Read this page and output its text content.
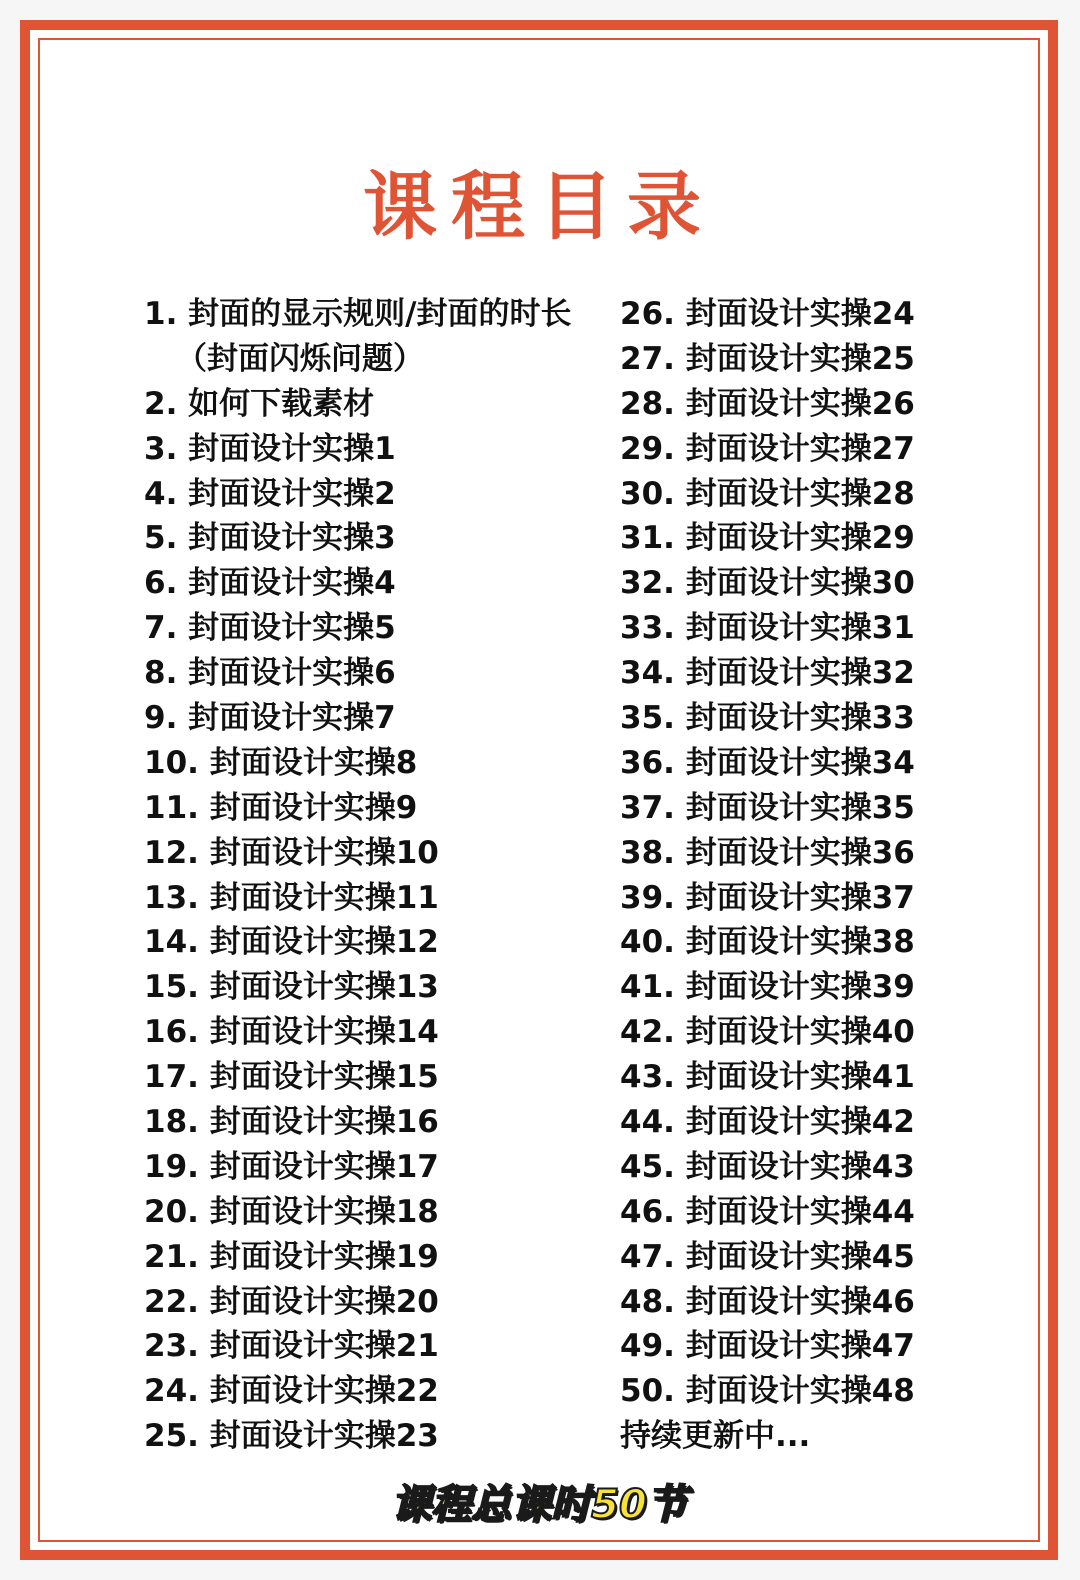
课程目录
1. 封面的显示规则/封面的时长
（封面闪烁问题）
2. 如何下载素材
3. 封面设计实操1
4. 封面设计实操2
5. 封面设计实操3
6. 封面设计实操4
7. 封面设计实操5
8. 封面设计实操6
9. 封面设计实操7
10. 封面设计实操8
11. 封面设计实操9
12. 封面设计实操10
13. 封面设计实操11
14. 封面设计实操12
15. 封面设计实操13
16. 封面设计实操14
17. 封面设计实操15
18. 封面设计实操16
19. 封面设计实操17
20. 封面设计实操18
21. 封面设计实操19
22. 封面设计实操20
23. 封面设计实操21
24. 封面设计实操22
25. 封面设计实操23
26. 封面设计实操24
27. 封面设计实操25
28. 封面设计实操26
29. 封面设计实操27
30. 封面设计实操28
31. 封面设计实操29
32. 封面设计实操30
33. 封面设计实操31
34. 封面设计实操32
35. 封面设计实操33
36. 封面设计实操34
37. 封面设计实操35
38. 封面设计实操36
39. 封面设计实操37
40. 封面设计实操38
41. 封面设计实操39
42. 封面设计实操40
43. 封面设计实操41
44. 封面设计实操42
45. 封面设计实操43
46. 封面设计实操44
47. 封面设计实操45
48. 封面设计实操46
49. 封面设计实操47
50. 封面设计实操48
持续更新中...
课程总课时50节
